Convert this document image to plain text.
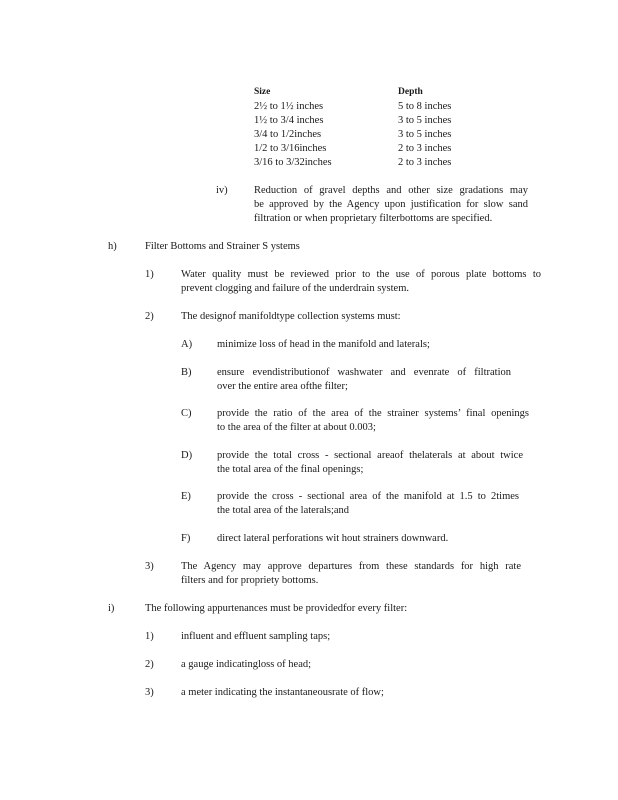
Size	Depth
2½ to 1½ inches	5 to 8 inches
1½ to 3/4 inches	3 to 5 inches
3/4 to 1/2inches	3 to 5 inches
1/2 to 3/16inches	2 to 3 inches
3/16 to 3/32inches	2 to 3 inches
iv)	Reduction of gravel depths and other size gradations may
be approved by the Agency upon justification for slow sand
filtration or when proprietary filterbottoms are specified.
h)	Filter Bottoms and Strainer S ystems
1)	Water quality must be reviewed prior to the use of porous plate bottoms to
prevent clogging and failure of the underdrain system.
2)	The designof manifoldtype collection systems must:
A) minimize loss of head in the manifold and laterals;
B) ensure evendistributionof washwater and evenrate of filtration
over the entire area ofthe filter;
C) provide the ratio of the area of the strainer systems’ final openings
to the area of the filter at about 0.003;
D) provide the total cross - sectional areaof thelaterals at about twice
the total area of the final openings;
E) provide the cross - sectional area of the manifold at 1.5 to 2times
the total area of the laterals;and
F)	direct lateral perforations wit hout strainers downward.
3)	The Agency may approve departures from these standards for high rate
filters and for propriety bottoms.
i)	The following appurtenances must be providedfor every filter:
1)	influent and effluent sampling taps;
2)	a gauge indicatingloss of head;
3)	a meter indicating the instantaneousrate of flow;
